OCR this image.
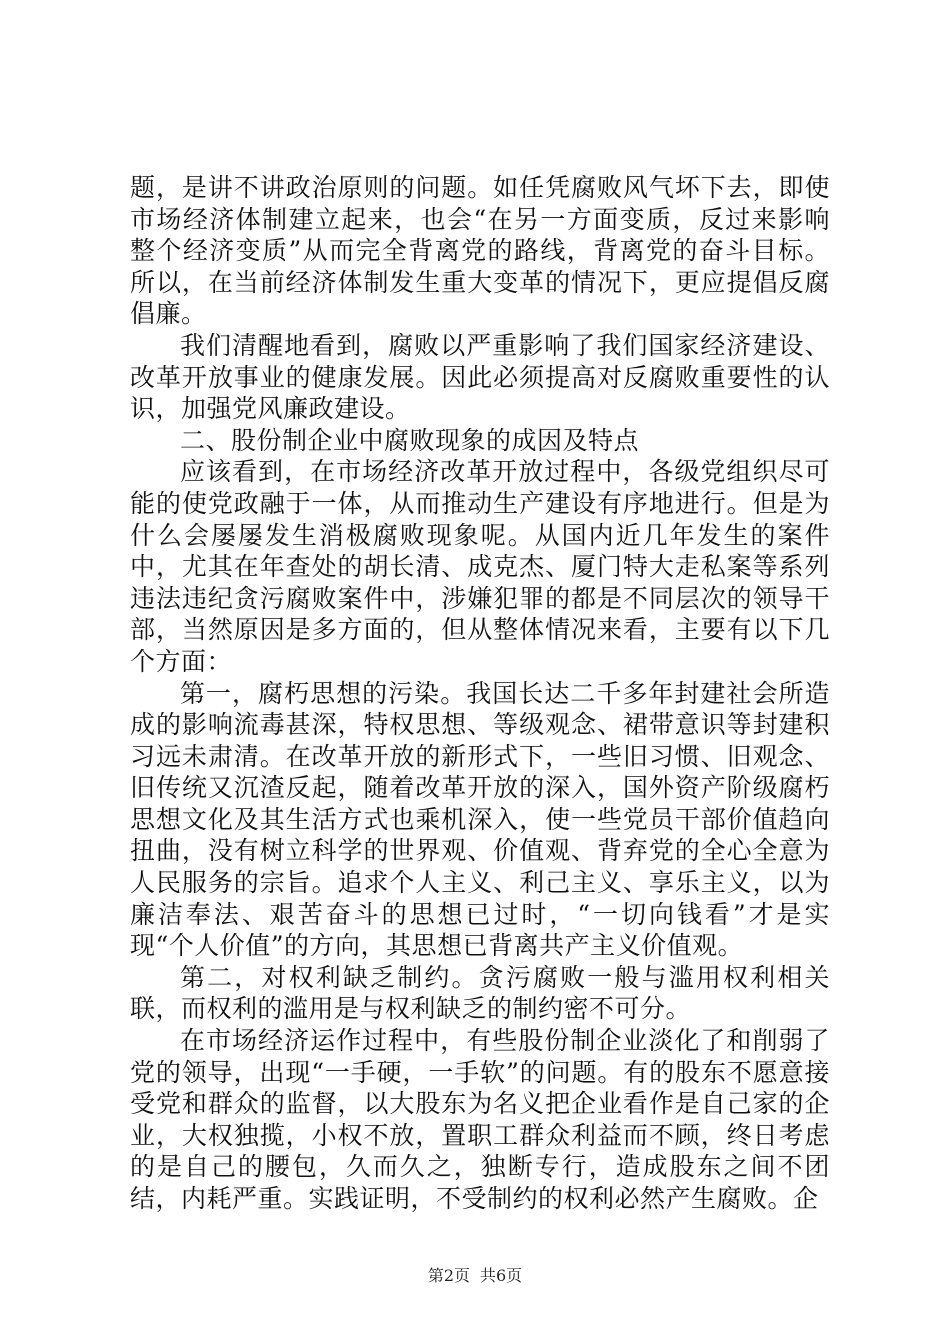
题，是讲不讲政治原则的问题。如任凭腐败风气坏下去，即使市场经济体制建立起来，也会“在另一方面变质，反过来影响整个经济变质”从而完全背离党的路线，背离党的奋斗目标。所以，在当前经济体制发生重大变革的情况下，更应提倡反腐倡廉。

我们清醒地看到，腐败以严重影响了我们国家经济建设、改革开放事业的健康发展。因此必须提高对反腐败重要性的认识，加强党风廉政建设。

二、股份制企业中腐败现象的成因及特点

应该看到，在市场经济改革开放过程中，各级党组织尽可能的使党政融于一体，从而推动生产建设有序地进行。但是为什么会屡屡发生消极腐败现象呢。从国内近几年发生的案件中，尤其在年查处的胡长清、成克杰、厦门特大走私案等系列违法违纪贪污腐败案件中，涉嫌犯罪的都是不同层次的领导干部，当然原因是多方面的，但从整体情况来看，主要有以下几个方面：

第一，腐朽思想的污染。我国长达二千多年封建社会所造成的影响流毒甚深，特权思想、等级观念、裙带意识等封建积习远未肃清。在改革开放的新形式下，一些旧习惯、旧观念、旧传统又沉渣反起，随着改革开放的深入，国外资产阶级腐朽思想文化及其生活方式也乘机深入，使一些党员干部价值趋向扭曲，没有树立科学的世界观、价值观、背弃党的全心全意为人民服务的宗旨。追求个人主义、利己主义、享乐主义，以为廉洁奉法、艰苦奋斗的思想已过时，“一切向钱看”才是实现“个人价值”的方向，其思想已背离共产主义价值观。

第二，对权利缺乏制约。贪污腐败一般与滥用权利相关联，而权利的滥用是与权利缺乏的制约密不可分。

在市场经济运作过程中，有些股份制企业淡化了和削弱了党的领导，出现“一手硬，一手软”的问题。有的股东不愿意接受党和群众的监督，以大股东为名义把企业看作是自己家的企业，大权独揽，小权不放，置职工群众利益而不顾，终日考虑的是自己的腰包，久而久之，独断专行，造成股东之间不团结，内耗严重。实践证明，不受制约的权利必然产生腐败。企

第2页 共6页
